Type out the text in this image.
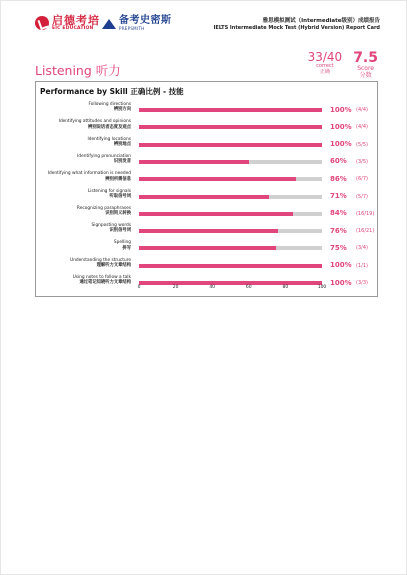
启德考培
EIC EDUCATION
备考史密斯
PREPSMITH
雅思模拟测试（Intermediate级别）成绩报告
IELTS Intermediate Mock Test (Hybrid Version) Report Card
Listening 听力
33/40
correct
正确
7.5
Score
分数
Performance by Skill 正确比例 - 技能
Following directions
辨别方向	100% (4/4)
Identifying attitudes and opinions
辨别说话者态度及观点	100% (4/4)
Identifying locations
辨别地点	100% (5/5)
Identifying pronunciation
识别发音	60% (3/5)
Identifying what information is needed
辨别所需信息	86% (6/7)
Listening for signals
听取信号词	71% (5/7)
Recognizing paraphrases
识别同义转换	84% (16/19)
Signposting words
识别信号词	76% (16/21)
Spelling
拼写	75% (3/4)
Understanding the structure
理解听力文章结构	100% (1/1)
Using notes to follow a talk
通过笔记知晓听力文章结构	100% (3/3)
0	20	40	60	80	100
